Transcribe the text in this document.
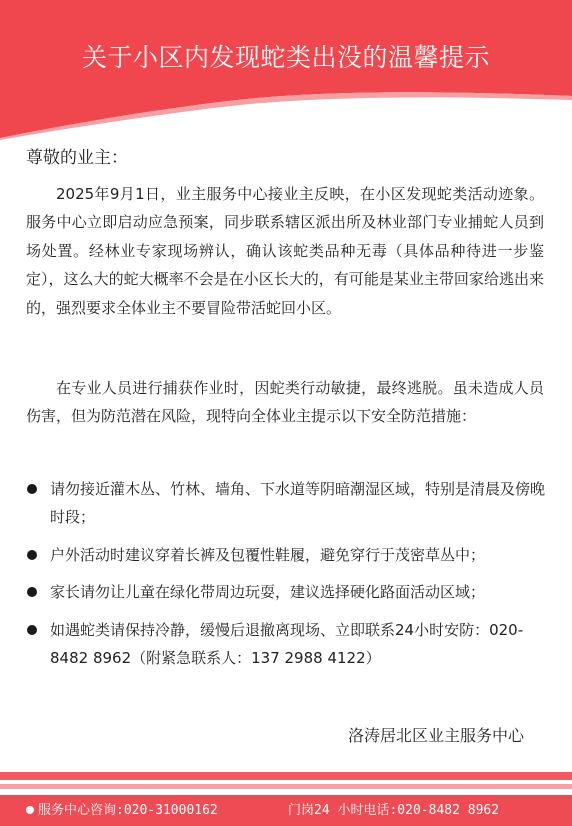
关于小区内发现蛇类出没的温馨提示
尊敬的业主：

2025年9月1日，业主服务中心接业主反映，在小区发现蛇类活动迹象。服务中心立即启动应急预案，同步联系辖区派出所及林业部门专业捕蛇人员到场处置。经林业专家现场辨认，确认该蛇类品种无毒（具体品种待进一步鉴定），这么大的蛇大概率不会是在小区长大的，有可能是某业主带回家给逃出来的，强烈要求全体业主不要冒险带活蛇回小区。

在专业人员进行捕获作业时，因蛇类行动敏捷，最终逃脱。虽未造成人员伤害，但为防范潜在风险，现特向全体业主提示以下安全防范措施：

请勿接近灌木丛、竹林、墙角、下水道等阴暗潮湿区域，特别是清晨及傍晚时段；
户外活动时建议穿着长裤及包覆性鞋履，避免穿行于茂密草丛中；
家长请勿让儿童在绿化带周边玩耍，建议选择硬化路面活动区域；
如遇蛇类请保持冷静，缓慢后退撤离现场、立即联系24小时安防：020-8482 8962（附紧急联系人：137 2988 4122）
洛涛居北区业主服务中心
服务中心咨询:020-31000162	门岗24 小时电话:020-8482 8962
